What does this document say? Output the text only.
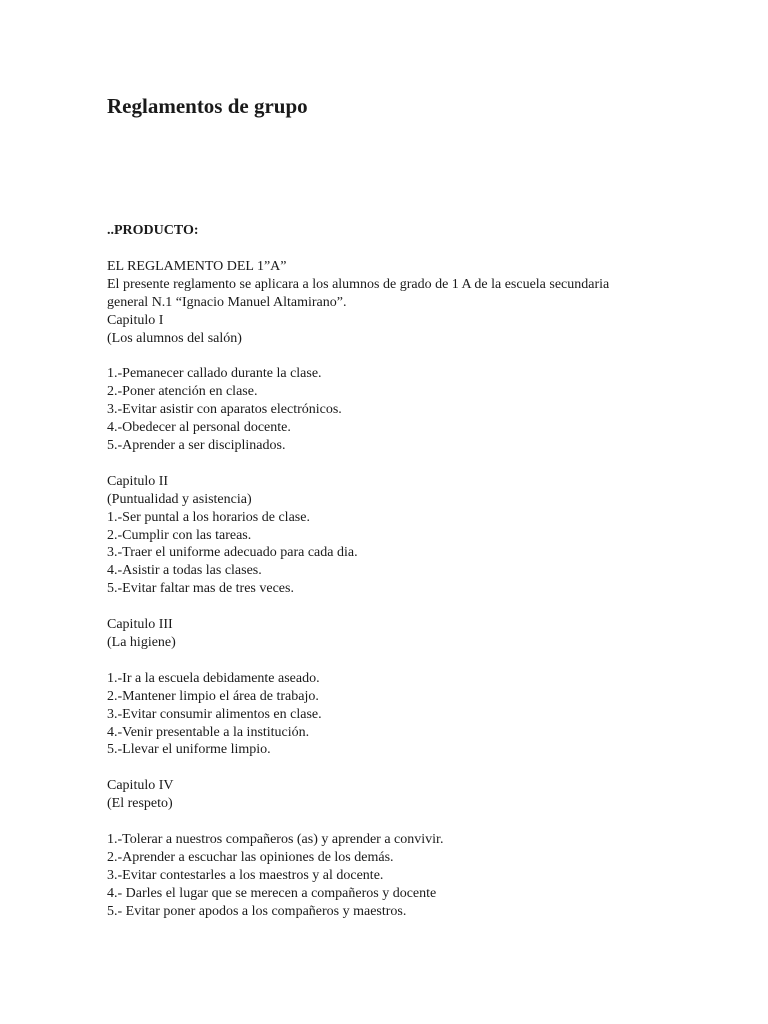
Reglamentos de grupo
..PRODUCTO:
EL REGLAMENTO DEL 1”A”
El presente reglamento se aplicara a los alumnos de grado de 1 A de la escuela secundaria
general N.1 “Ignacio Manuel Altamirano”.
Capitulo I
(Los alumnos del salón)
1.-Pemanecer callado durante la clase.
2.-Poner atención en clase.
3.-Evitar asistir con aparatos electrónicos.
4.-Obedecer al personal docente.
5.-Aprender a ser disciplinados.
Capitulo II
(Puntualidad y asistencia)
1.-Ser puntal a los horarios de clase.
2.-Cumplir con las tareas.
3.-Traer el uniforme adecuado para cada dia.
4.-Asistir a todas las clases.
5.-Evitar faltar mas de tres veces.
Capitulo III
(La higiene)
1.-Ir a la escuela debidamente aseado.
2.-Mantener limpio el área de trabajo.
3.-Evitar consumir alimentos en clase.
4.-Venir presentable a la institución.
5.-Llevar el uniforme limpio.
Capitulo IV
(El respeto)
1.-Tolerar a nuestros compañeros (as) y aprender a convivir.
2.-Aprender a escuchar las opiniones de los demás.
3.-Evitar contestarles a los maestros y al docente.
4.- Darles el lugar que se merecen a compañeros y docente
5.- Evitar poner apodos a los compañeros y maestros.
